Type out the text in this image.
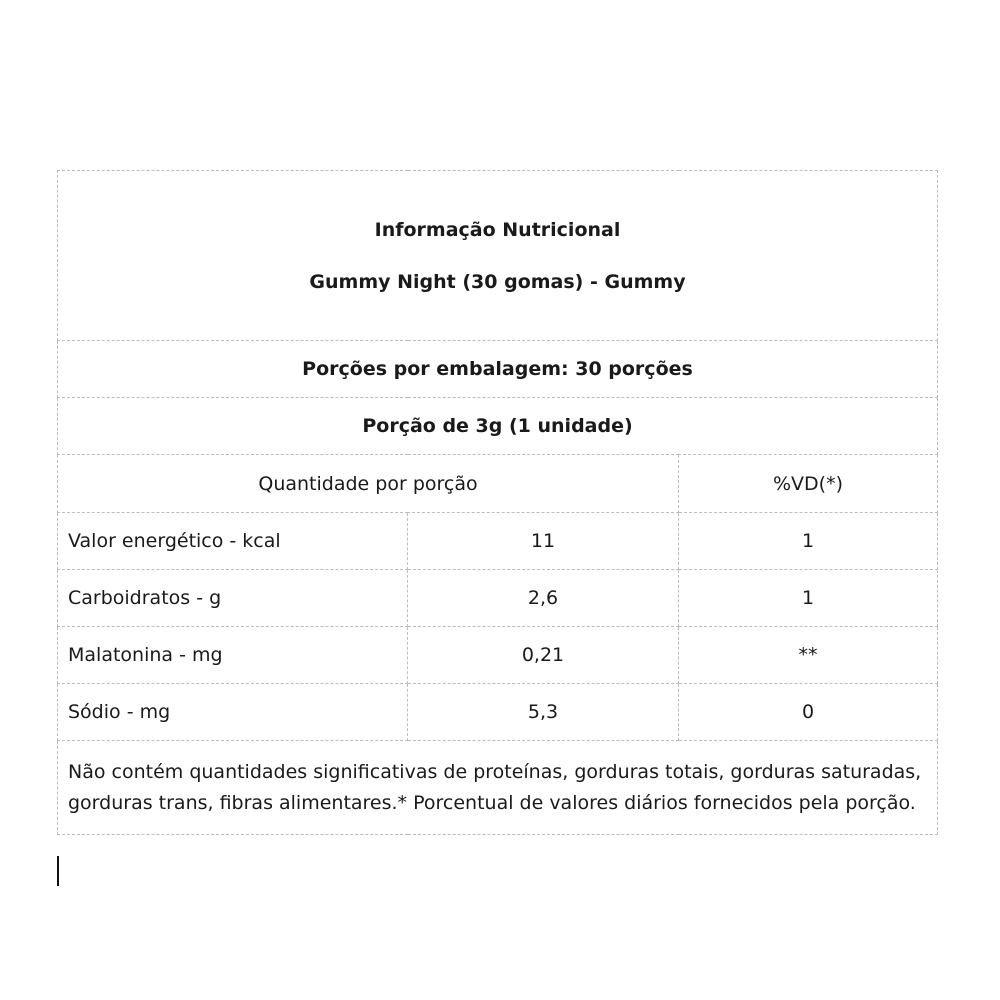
Informação Nutricional
Gummy Night (30 gomas) - Gummy		

Porções por embalagem: 30 porções		
Porção de 3g (1 unidade)		
Quantidade por porção		%VD(*)
Valor energético - kcal	11	1
Carboidratos - g	2,6	1
Malatonina - mg	0,21	**
Sódio - mg	5,3	0
Não contém quantidades significativas de proteínas, gorduras totais, gorduras saturadas, gorduras trans, fibras alimentares.* Porcentual de valores diários fornecidos pela porção.		
